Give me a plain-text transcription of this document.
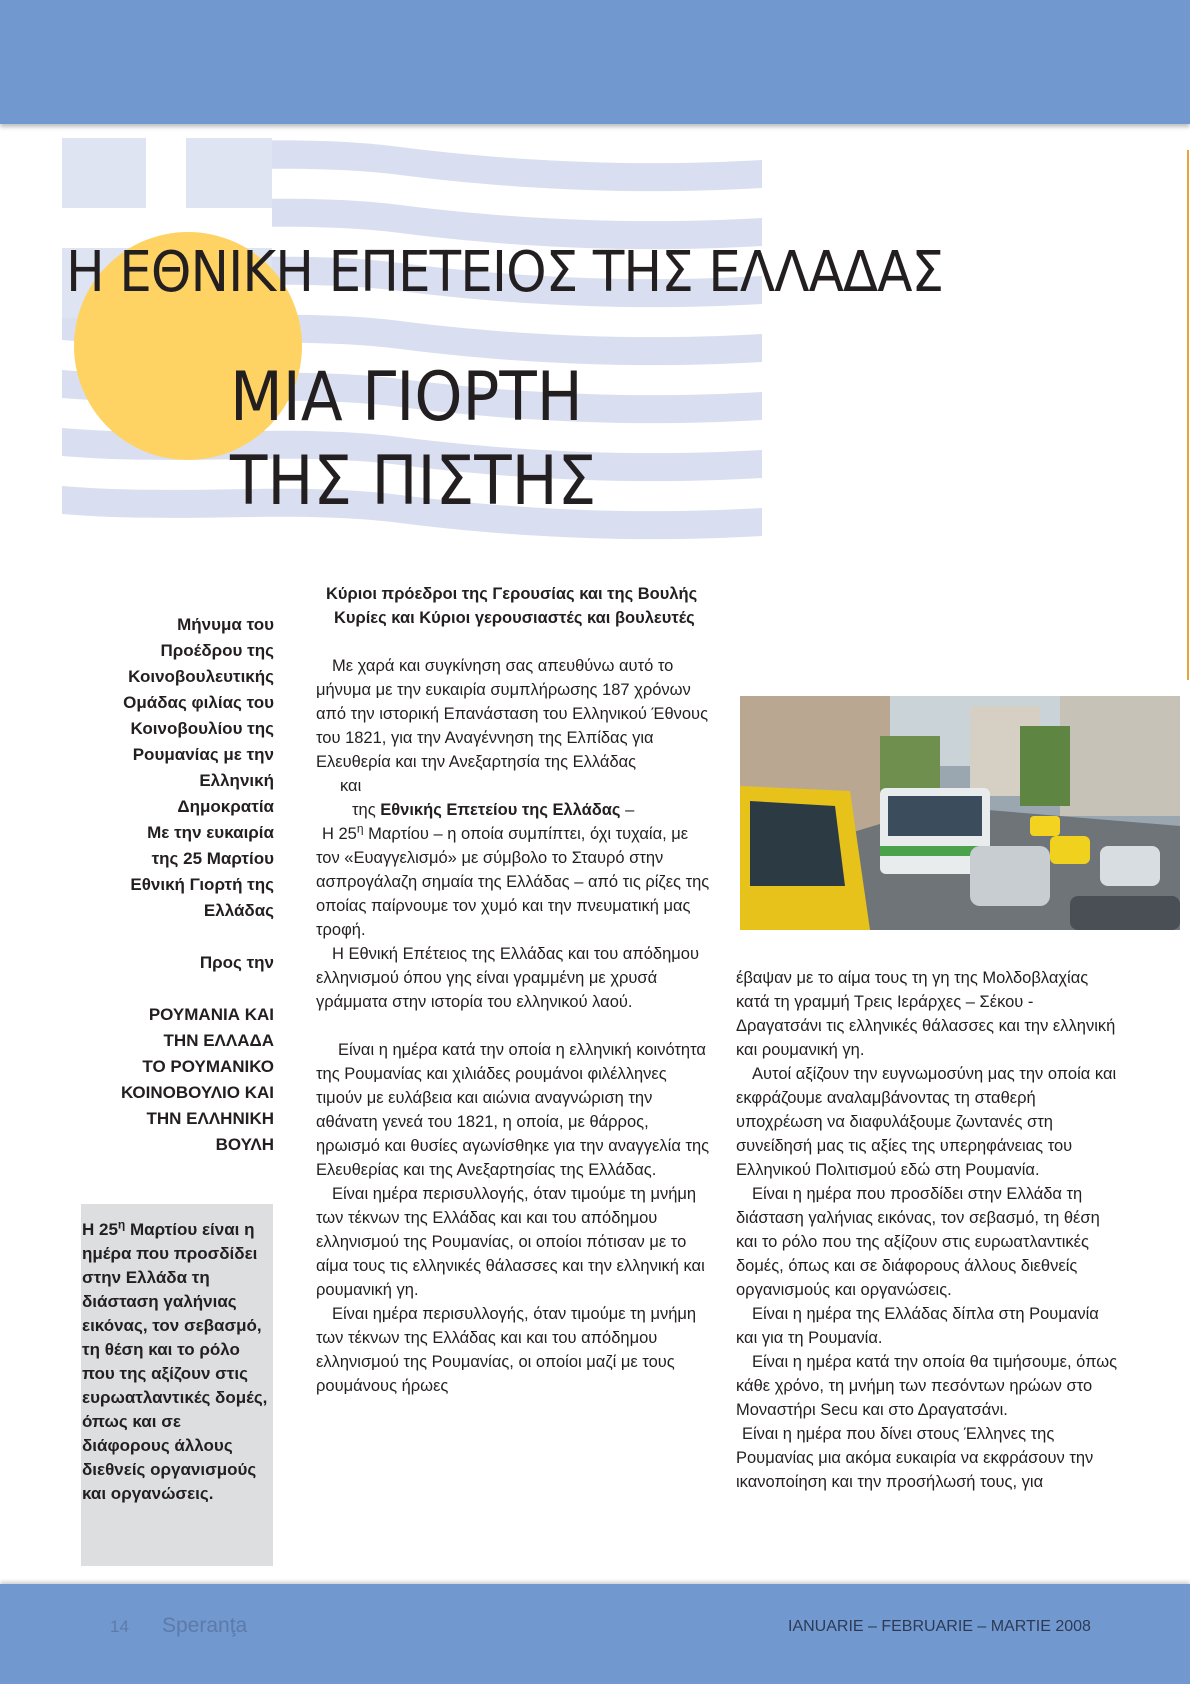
Η ΕΘΝΙΚΗ ΕΠΕΤΕΙΟΣ ΤΗΣ ΕΛΛΑΔΑΣ
ΜΙΑ ΓΙΟΡΤΗ
ΤΗΣ ΠΙΣΤΗΣ

Μήνυμα του

Προέδρου της

Κοινοβουλευτικής

Ομάδας φιλίας του

Κοινοβουλίου της

Ρουμανίας με την

Ελληνική

Δημοκρατία

Με την ευκαιρία

της 25 Μαρτίου

Εθνική Γιορτή της

Ελλάδας

Προς την

ΡΟΥΜΑΝΙΑ ΚΑΙ

ΤΗΝ ΕΛΛΑΔΑ

ΤΟ ΡΟΥΜΑΝΙΚΟ

ΚΟΙΝΟΒΟΥΛΙΟ ΚΑΙ

ΤΗΝ ΕΛΛΗΝΙΚΗ

ΒΟΥΛΗ

Η $25^\eta$ Μαρτίου είναι η ημέρα που προσδίδει στην Ελλάδα τη διάσταση γαλήνιας εικόνας, τον σεβασμό, τη θέση και το ρόλο που της αξίζουν στις ευρωατλαντικές δομές, όπως και σε διάφορους άλλους διεθνείς οργανισμούς και οργανώσεις.

Κύριοι πρόεδροι της Γερουσίας και της Βουλής

Κυρίες και Κύριοι γερουσιαστές και βουλευτές

Με χαρά και συγκίνηση σας απευθύνω αυτό το μήνυμα με την ευκαιρία συμπλήρωσης 187 χρόνων από την ιστορική Επανάσταση του Ελληνικού Έθνους του 1821, για την Αναγέννηση της Ελπίδας για Ελευθερία και την Ανεξαρτησία της Ελλάδας

και

της Εθνικής Επετείου της Ελλάδας –

Η $25^\eta$ Μαρτίου – η οποία συμπίπτει, όχι τυχαία, με τον «Ευαγγελισμό» με σύμβολο το Σταυρό στην ασπρογάλαζη σημαία της Ελλάδας – από τις ρίζες της οποίας παίρνουμε τον χυμό και την πνευματική μας τροφή.

Η Εθνική Επέτειος της Ελλάδας και του απόδημου ελληνισμού όπου γης είναι γραμμένη με χρυσά γράμματα στην ιστορία του ελληνικού λαού.

Είναι η ημέρα κατά την οποία η ελληνική κοινότητα της Ρουμανίας και χιλιάδες ρουμάνοι φιλέλληνες τιμούν με ευλάβεια και αιώνια αναγνώριση την αθάνατη γενεά του 1821, η οποία, με θάρρος, ηρωισμό και θυσίες αγωνίσθηκε για την αναγγελία της Ελευθερίας και της Ανεξαρτησίας της Ελλάδας.

Είναι ημέρα περισυλλογής, όταν τιμούμε τη μνήμη των τέκνων της Ελλάδας και και του απόδημου ελληνισμού της Ρουμανίας, οι οποίοι πότισαν με το αίμα τους τις ελληνικές θάλασσες και την ελληνική και ρουμανική γη.

Είναι ημέρα περισυλλογής, όταν τιμούμε τη μνήμη των τέκνων της Ελλάδας και και του απόδημου ελληνισμού της Ρουμανίας, οι οποίοι μαζί με τους ρουμάνους ήρωες

έβαψαν με το αίμα τους τη γη της Μολδοβλαχίας κατά τη γραμμή Τρεις Ιεράρχες – Σέκου - Δραγατσάνι τις ελληνικές θάλασσες και την ελληνική και ρουμανική γη.

Αυτοί αξίζουν την ευγνωμοσύνη μας την οποία και εκφράζουμε αναλαμβάνοντας τη σταθερή υποχρέωση να διαφυλάξουμε ζωντανές στη συνείδησή μας τις αξίες της υπερηφάνειας του Ελληνικού Πολιτισμού εδώ στη Ρουμανία.

Είναι η ημέρα που προσδίδει στην Ελλάδα τη διάσταση γαλήνιας εικόνας, τον σεβασμό, τη θέση και το ρόλο που της αξίζουν στις ευρωατλαντικές δομές, όπως και σε διάφορους άλλους διεθνείς οργανισμούς και οργανώσεις.

Είναι η ημέρα της Ελλάδας δίπλα στη Ρουμανία και για τη Ρουμανία.

Είναι η ημέρα κατά την οποία θα τιμήσουμε, όπως κάθε χρόνο, τη μνήμη των πεσόντων ηρώων στο Μοναστήρι Secu και στο Δραγατσάνι.

Είναι η ημέρα που δίνει στους Έλληνες της Ρουμανίας μια ακόμα ευκαιρία να εκφράσουν την ικανοποίηση και την προσήλωσή τους, για

14 Speranţa	IANUARIE – FEBRUARIE – MARTIE 2008
